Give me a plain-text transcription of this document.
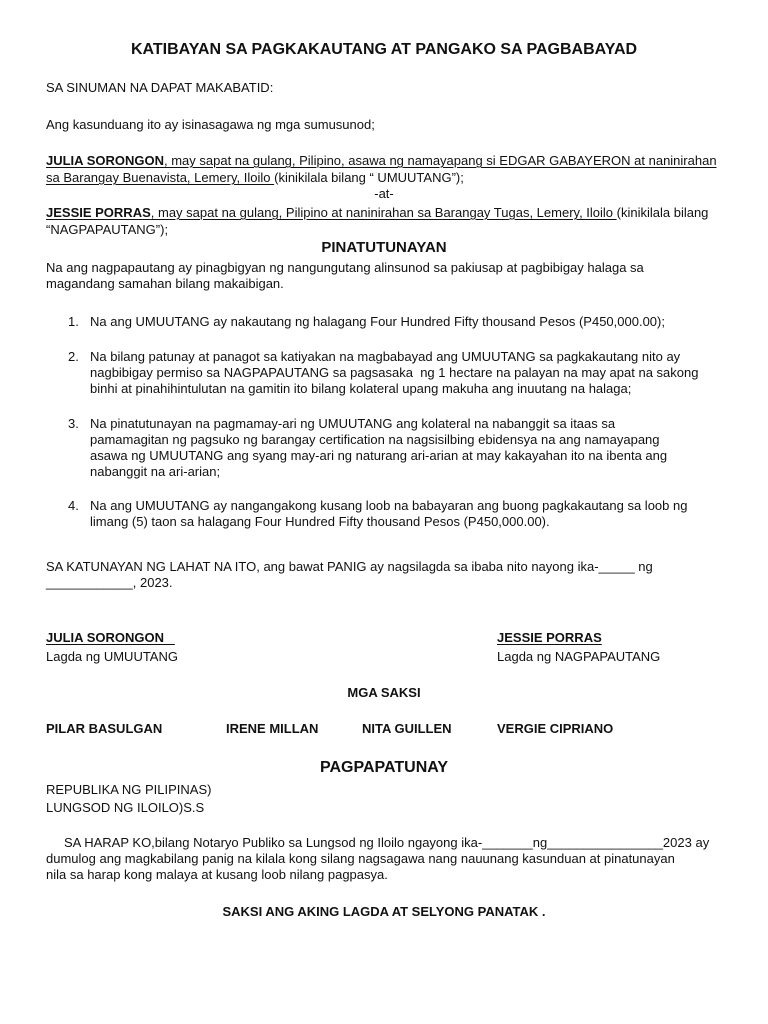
KATIBAYAN SA PAGKAKAUTANG AT PANGAKO SA PAGBABAYAD
SA SINUMAN NA DAPAT MAKABATID:
Ang kasunduang ito ay isinasagawa ng mga sumusunod;
JULIA SORONGON, may sapat na gulang, Pilipino, asawa ng namayapang si EDGAR GABAYERON at naninirahan
sa Barangay Buenavista, Lemery, Iloilo (kinikilala bilang “ UMUUTANG”);
-at-
JESSIE PORRAS, may sapat na gulang, Pilipino at naninirahan sa Barangay Tugas, Lemery, Iloilo (kinikilala bilang
“NAGPAPAUTANG”);
PINATUTUNAYAN
Na ang nagpapautang ay pinagbigyan ng nangungutang alinsunod sa pakiusap at pagbibigay halaga sa
magandang samahan bilang makaibigan.
1. Na ang UMUUTANG ay nakautang ng halagang Four Hundred Fifty thousand Pesos (P450,000.00);
2. Na bilang patunay at panagot sa katiyakan na magbabayad ang UMUUTANG sa pagkakautang nito ay
nagbibigay permiso sa NAGPAPAUTANG sa pagsasaka  ng 1 hectare na palayan na may apat na sakong
binhi at pinahihintulutan na gamitin ito bilang kolateral upang makuha ang inuutang na halaga;
3. Na pinatutunayan na pagmamay-ari ng UMUUTANG ang kolateral na nabanggit sa itaas sa
pamamagitan ng pagsuko ng barangay certification na nagsisilbing ebidensya na ang namayapang
asawa ng UMUUTANG ang syang may-ari ng naturang ari-arian at may kakayahan ito na ibenta ang
nabanggit na ari-arian;
4. Na ang UMUUTANG ay nangangakong kusang loob na babayaran ang buong pagkakautang sa loob ng
limang (5) taon sa halagang Four Hundred Fifty thousand Pesos (P450,000.00).
SA KATUNAYAN NG LAHAT NA ITO, ang bawat PANIG ay nagsilagda sa ibaba nito nayong ika-_____ ng
____________, 2023.
JULIA SORONGON	JESSIE PORRAS
Lagda ng UMUUTANG	Lagda ng NAGPAPAUTANG
MGA SAKSI
PILAR BASULGAN	IRENE MILLAN	NITA GUILLEN	VERGIE CIPRIANO
PAGPAPATUNAY
REPUBLIKA NG PILIPINAS)
LUNGSOD NG ILOILO)S.S
SA HARAP KO,bilang Notaryo Publiko sa Lungsod ng Iloilo ngayong ika-_______ng________________2023 ay
dumulog ang magkabilang panig na kilala kong silang nagsagawa nang nauunang kasunduan at pinatunayan
nila sa harap kong malaya at kusang loob nilang pagpasya.
SAKSI ANG AKING LAGDA AT SELYONG PANATAK .
